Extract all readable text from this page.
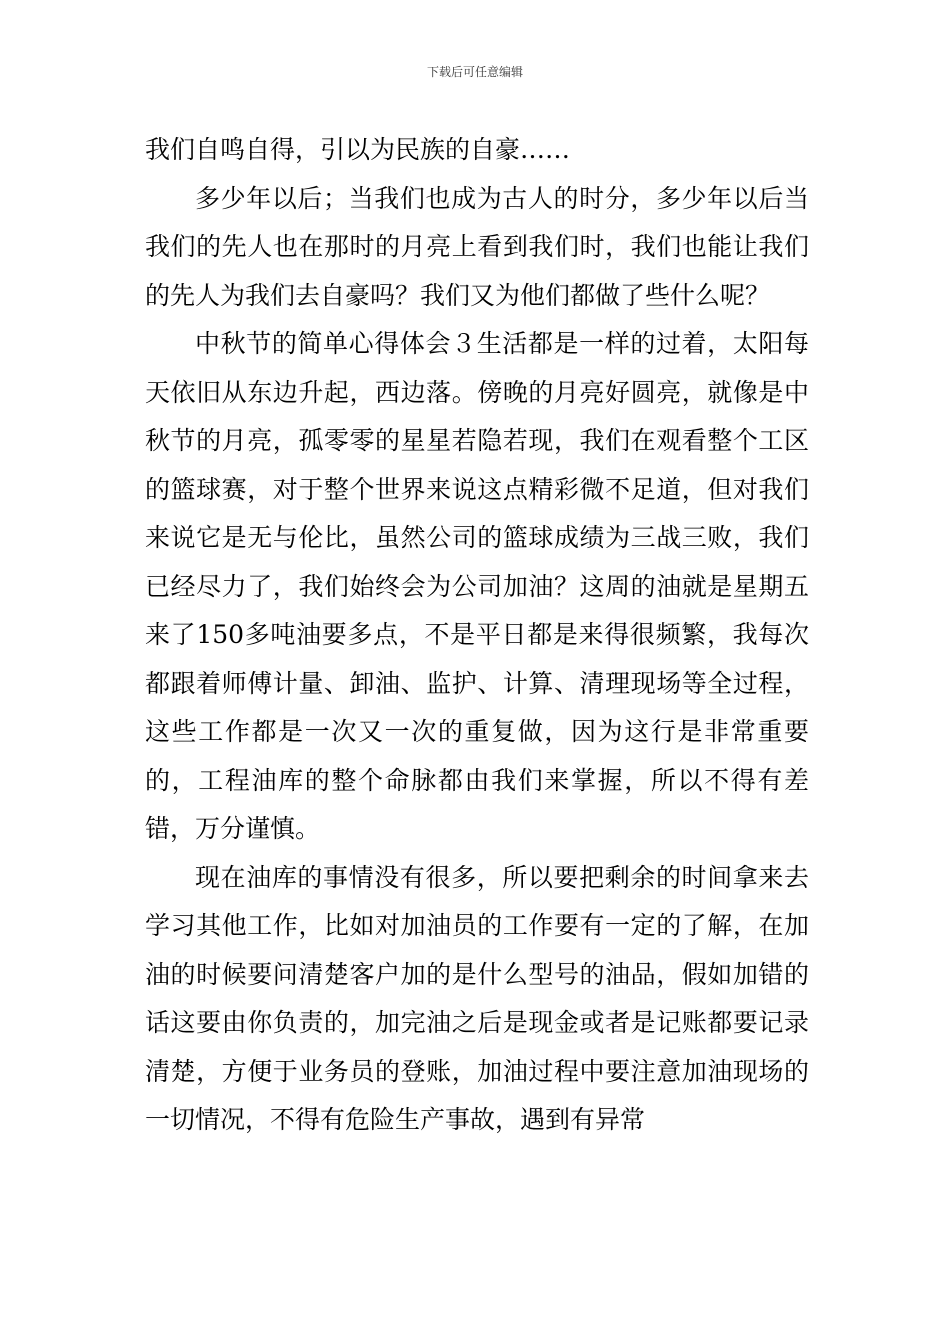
下载后可任意编辑

我们自鸣自得，引以为民族的自豪……

多少年以后；当我们也成为古人的时分，多少年以后当我们的先人也在那时的月亮上看到我们时，我们也能让我们的先人为我们去自豪吗？我们又为他们都做了些什么呢？

中秋节的简单心得体会３生活都是一样的过着，太阳每天依旧从东边升起，西边落。傍晚的月亮好圆亮，就像是中秋节的月亮，孤零零的星星若隐若现，我们在观看整个工区的篮球赛，对于整个世界来说这点精彩微不足道，但对我们来说它是无与伦比，虽然公司的篮球成绩为三战三败，我们已经尽力了，我们始终会为公司加油？这周的油就是星期五来了150多吨油要多点，不是平日都是来得很频繁，我每次都跟着师傅计量、卸油、监护、计算、清理现场等全过程，这些工作都是一次又一次的重复做，因为这行是非常重要的，工程油库的整个命脉都由我们来掌握，所以不得有差错，万分谨慎。

现在油库的事情没有很多，所以要把剩余的时间拿来去学习其他工作，比如对加油员的工作要有一定的了解，在加油的时候要问清楚客户加的是什么型号的油品，假如加错的话这要由你负责的，加完油之后是现金或者是记账都要记录清楚，方便于业务员的登账，加油过程中要注意加油现场的一切情况，不得有危险生产事故，遇到有异常
